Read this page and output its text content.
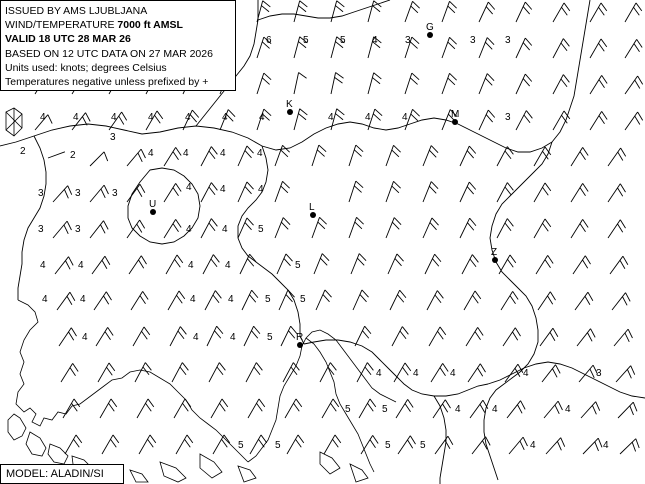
6	5	5	4	3	3	3
4	4	4	4	4	4	4	4	4	4	3
2	2
3
4	4	4	4
3	3	3
4	4	4
3	3	4	4	5
4	4	4	4	5
4	4	4	4	5	5
4	4	4	5
4	4	4	4	3
5	5	4	4	4
5	5	5	5	4	4
G
K
M
U	L
Z
R
ISSUED BY AMS LJUBLJANA
WIND/TEMPERATURE 7000 ft AMSL
VALID 18 UTC 28 MAR 26
BASED ON 12 UTC DATA ON 27 MAR 2026
Units used: knots; degrees Celsius
Temperatures negative unless prefixed by +
MODEL: ALADIN/SI
